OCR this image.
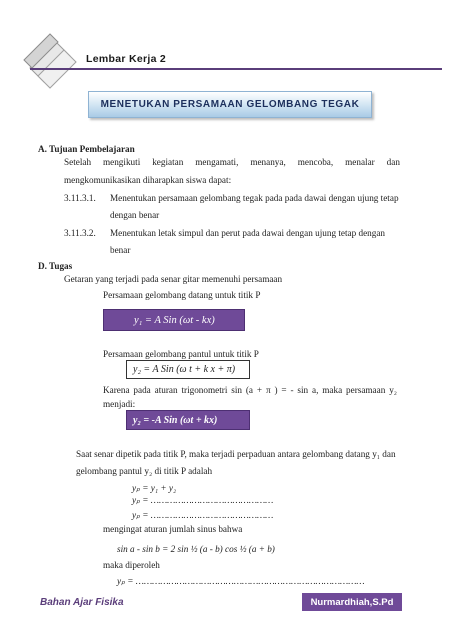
Lembar Kerja 2
MENETUKAN PERSAMAAN GELOMBANG TEGAK
A. Tujuan Pembelajaran
Setelah mengikuti kegiatan mengamati, menanya, mencoba, menalar dan
mengkomunikasikan diharapkan siswa dapat:
3.11.3.1. Menentukan persamaan gelombang tegak pada pada dawai dengan ujung tetap
dengan benar
3.11.3.2. Menentukan letak simpul dan perut pada dawai dengan ujung tetap dengan
benar
D. Tugas
Getaran yang terjadi pada senar gitar memenuhi persamaan
Persamaan gelombang datang untuk titik P
y₁ = A Sin (ωt - kx)
Persamaan gelombang pantul untuk titik P
y₂ = A Sin (ω t + k x + π)
Karena pada aturan trigonometri sin (a + π ) = - sin a, maka persamaan y₂
menjadi:
y₂ = -A Sin (ωt + kx)
Saat senar dipetik pada titik P, maka terjadi perpaduan antara gelombang datang y₁ dan
gelombang pantul y₂ di titik P adalah
yₚ = y₁ + y₂
yₚ = ………………………………………
yₚ = ………………………………………
mengingat aturan jumlah sinus bahwa
sin a - sin b = 2 sin ½ (a - b) cos ½ (a + b)
maka diperoleh
yₚ = …………………………………………………………………………
Bahan Ajar Fisika	Nurmardhiah,S.Pd
